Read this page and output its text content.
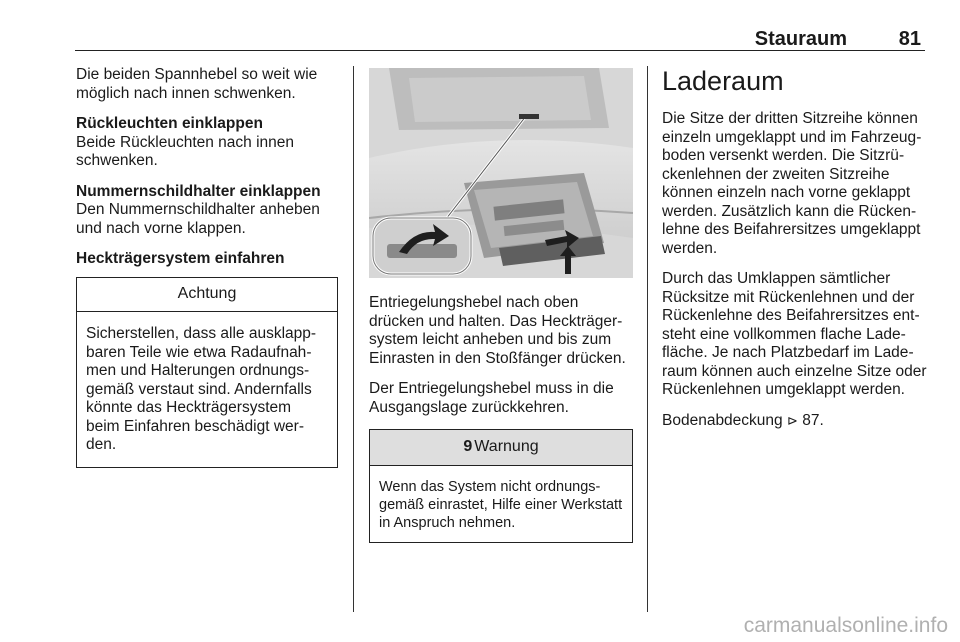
Stauraum	81

Die beiden Spannhebel so weit wie möglich nach innen schwenken.

Rückleuchten einklappen
Beide Rückleuchten nach innen schwenken.

Nummernschildhalter einklappen
Den Nummernschildhalter anheben und nach vorne klappen.

Heckträgersystem einfahren

Achtung
Sicherstellen, dass alle ausklappbaren Teile wie etwa Radaufnahmen und Halterungen ordnungsgemäß verstaut sind. Andernfalls könnte das Heckträgersystem beim Einfahren beschädigt werden.

Entriegelungshebel nach oben drücken und halten. Das Heckträgersystem leicht anheben und bis zum Einrasten in den Stoßfänger drücken.

Der Entriegelungshebel muss in die Ausgangslage zurückkehren.

9 Warnung
Wenn das System nicht ordnungsgemäß einrastet, Hilfe einer Werkstatt in Anspruch nehmen.
Laderaum

Die Sitze der dritten Sitzreihe können einzeln umgeklappt und im Fahrzeugboden versenkt werden. Die Sitzrückenlehnen der zweiten Sitzreihe können einzeln nach vorne geklappt werden. Zusätzlich kann die Rückenlehne des Beifahrersitzes umgeklappt werden.

Durch das Umklappen sämtlicher Rücksitze mit Rückenlehnen und der Rückenlehne des Beifahrersitzes entsteht eine vollkommen flache Ladefläche. Je nach Platzbedarf im Laderaum können auch einzelne Sitze oder Rückenlehnen umgeklappt werden.

Bodenabdeckung ⊳ 87.

carmanualsonline.info
